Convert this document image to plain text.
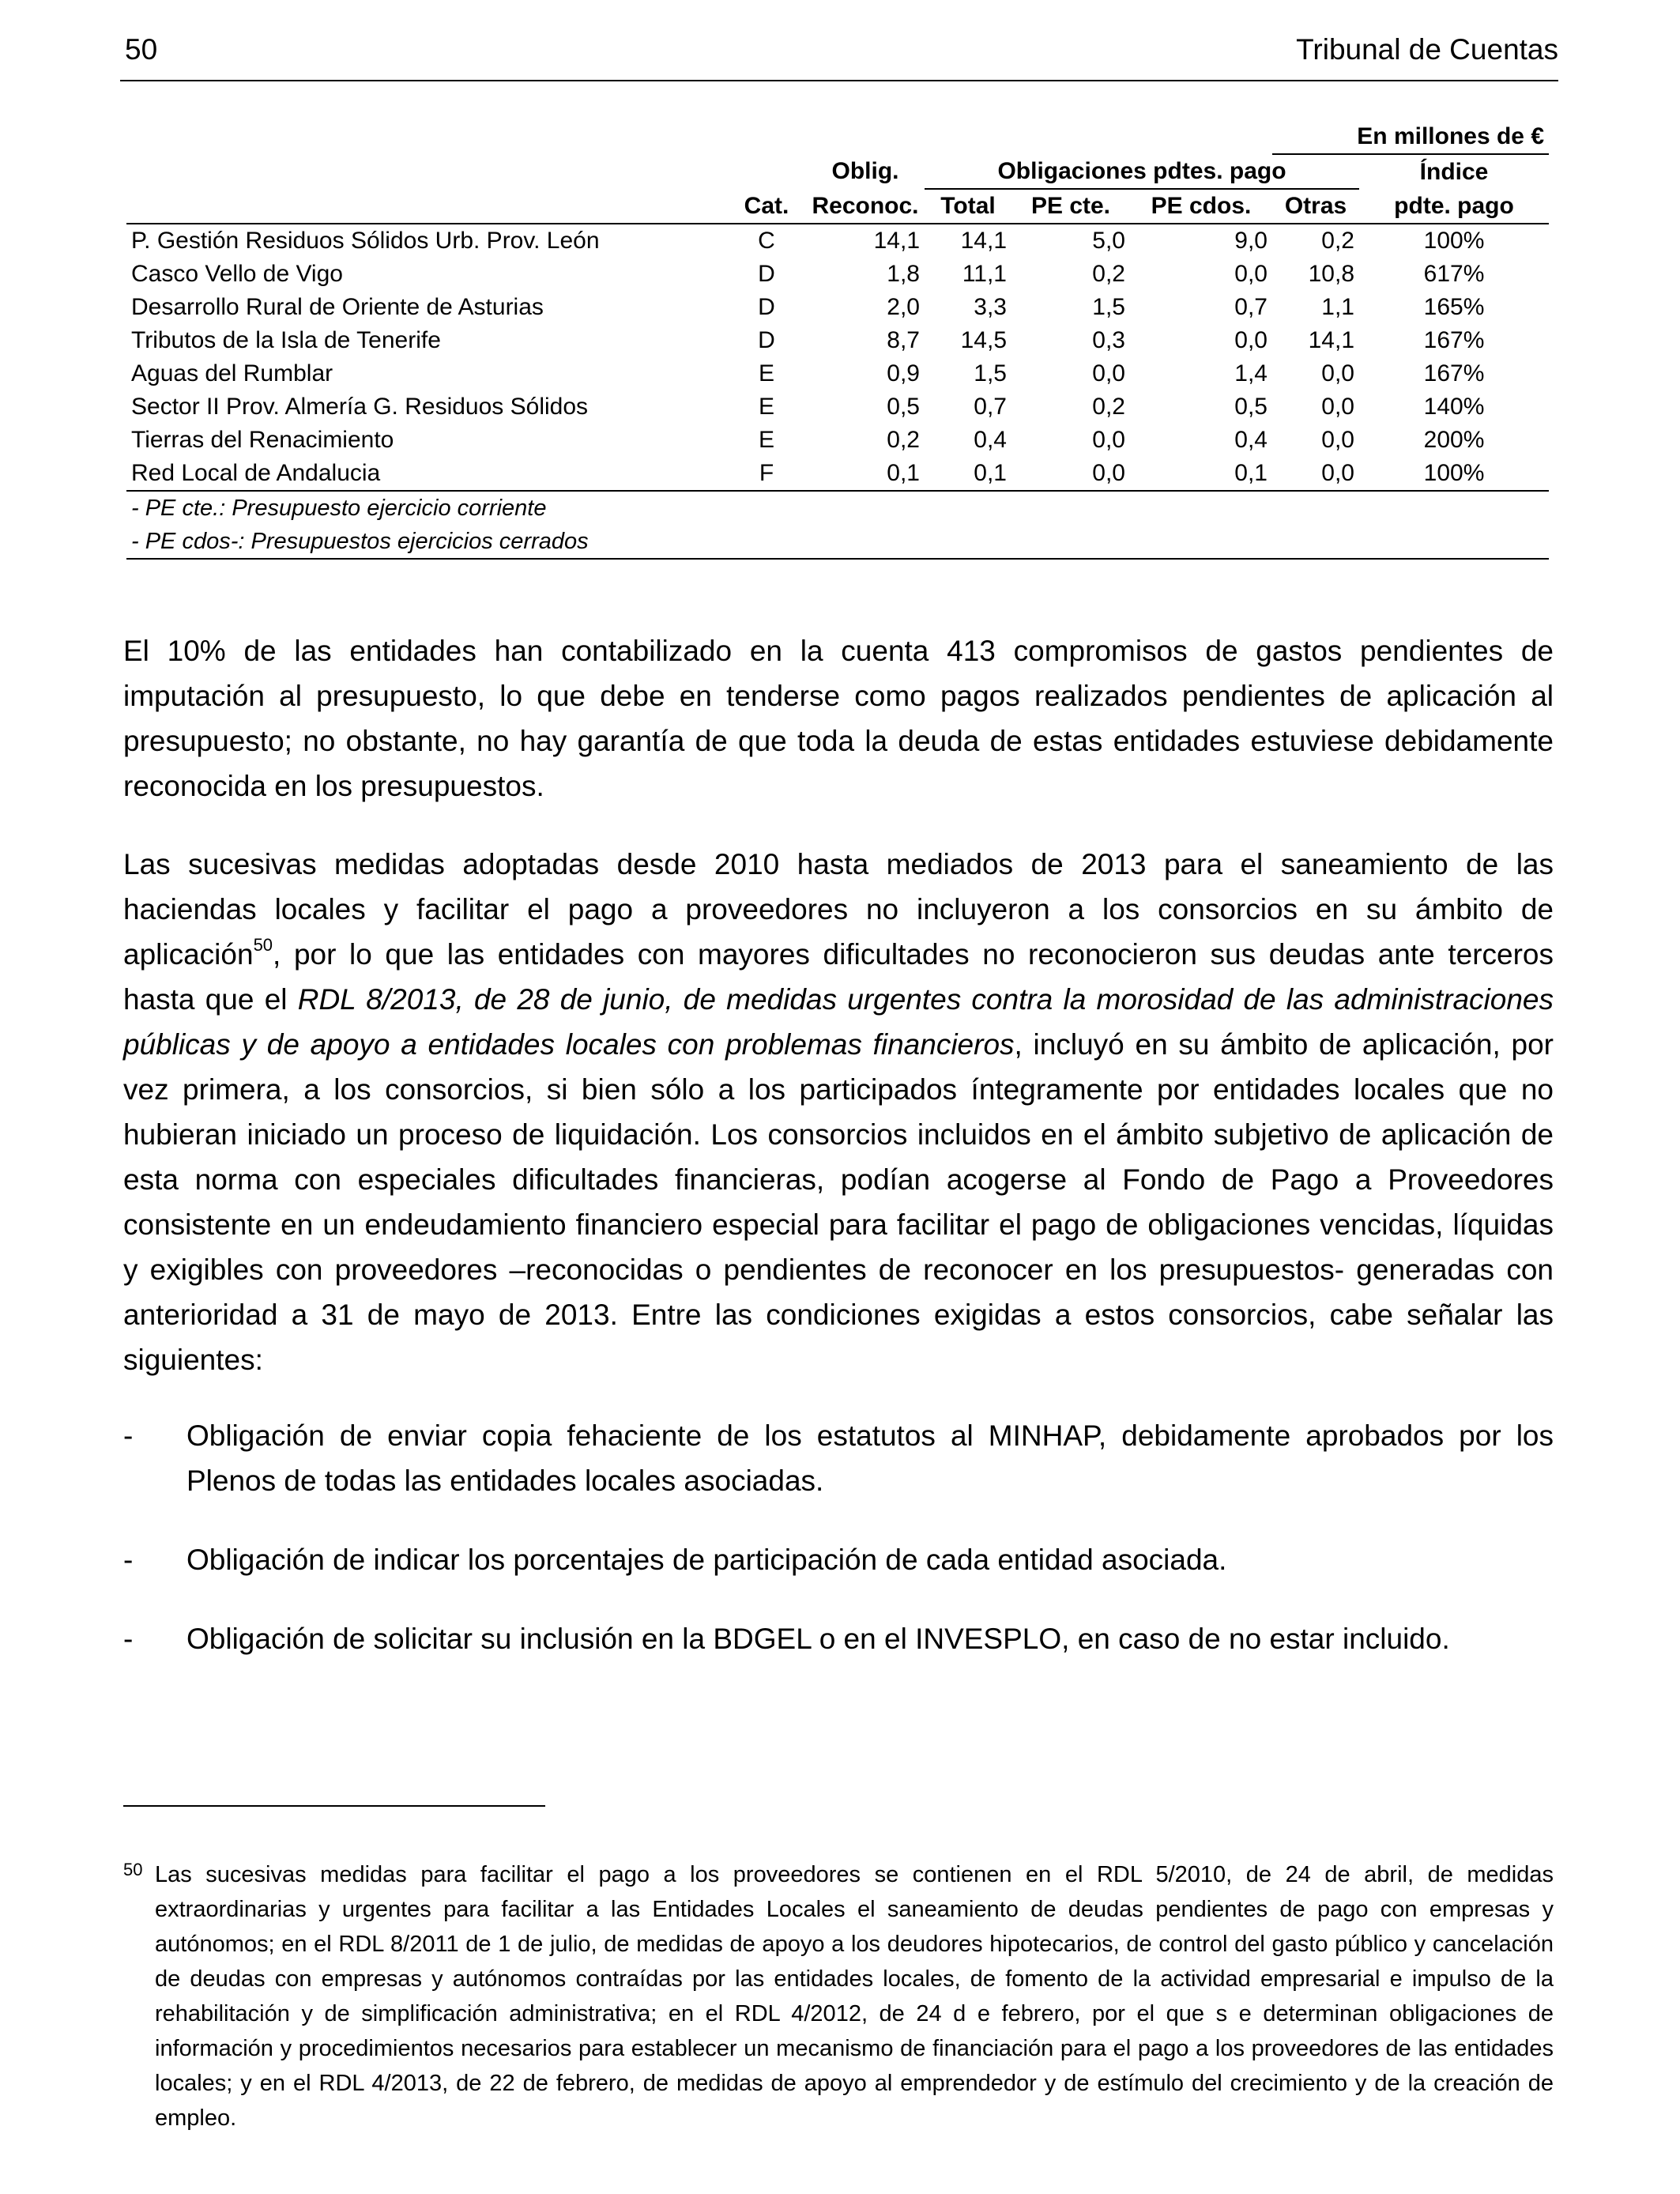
50	Tribunal de Cuentas
						En millones de €	
		Oblig.	Obligaciones pdtes. pago				Índice
	Cat.	Reconoc.	Total	PE cte.	PE cdos.	Otras	pdte. pago
P. Gestión Residuos Sólidos Urb. Prov. León	C	14,1	14,1	5,0	9,0	0,2	100%
Casco Vello de Vigo	D	1,8	11,1	0,2	0,0	10,8	617%
Desarrollo Rural de Oriente de Asturias	D	2,0	3,3	1,5	0,7	1,1	165%
Tributos de la Isla de Tenerife	D	8,7	14,5	0,3	0,0	14,1	167%
Aguas del Rumblar	E	0,9	1,5	0,0	1,4	0,0	167%
Sector II Prov. Almería G. Residuos Sólidos	E	0,5	0,7	0,2	0,5	0,0	140%
Tierras del Renacimiento	E	0,2	0,4	0,0	0,4	0,0	200%
Red Local de Andalucia	F	0,1	0,1	0,0	0,1	0,0	100%
- PE cte.: Presupuesto ejercicio corriente							
- PE cdos-: Presupuestos ejercicios cerrados							

El 10% de las entidades han contabilizado en la cuenta 413 compromisos de gastos pendientes de imputación al presupuesto, lo que debe en tenderse como pagos realizados pendientes de aplicación al presupuesto; no obstante, no hay garantía de que toda la deuda de estas entidades estuviese debidamente reconocida en los presupuestos.

Las sucesivas medidas adoptadas desde 2010 hasta mediados de 2013 para el saneamiento de las haciendas locales y facilitar el pago a proveedores no incluyeron a los consorcios en su ámbito de aplicación$^{50}$, por lo que las entidades con mayores dificultades no reconocieron sus deudas ante terceros hasta que el RDL 8/2013, de 28 de junio, de medidas urgentes contra la morosidad de las administraciones públicas y de apoyo a entidades locales con problemas financieros, incluyó en su ámbito de aplicación, por vez primera, a los consorcios, si bien sólo a los participados íntegramente por entidades locales que no hubieran iniciado un proceso de liquidación. Los consorcios incluidos en el ámbito subjetivo de aplicación de esta norma con especiales dificultades financieras, podían acogerse al Fondo de Pago a Proveedores consistente en un endeudamiento financiero especial para facilitar el pago de obligaciones vencidas, líquidas y exigibles con proveedores –reconocidas o pendientes de reconocer en los presupuestos- generadas con anterioridad a 31 de mayo de 2013. Entre las condiciones exigidas a estos consorcios, cabe señalar las siguientes:

- Obligación de enviar copia fehaciente de los estatutos al MINHAP, debidamente aprobados por los Plenos de todas las entidades locales asociadas.
- Obligación de indicar los porcentajes de participación de cada entidad asociada.
- Obligación de solicitar su inclusión en la BDGEL o en el INVESPLO, en caso de no estar incluido.
50 Las sucesivas medidas para facilitar el pago a los proveedores se contienen en el RDL 5/2010, de 24 de abril, de medidas extraordinarias y urgentes para facilitar a las Entidades Locales el saneamiento de deudas pendientes de pago con empresas y autónomos; en el RDL 8/2011 de 1 de julio, de medidas de apoyo a los deudores hipotecarios, de control del gasto público y cancelación de deudas con empresas y autónomos contraídas por las entidades locales, de fomento de la actividad empresarial e impulso de la rehabilitación y de simplificación administrativa; en el RDL 4/2012, de 24 d e febrero, por el que s e determinan obligaciones de información y procedimientos necesarios para establecer un mecanismo de financiación para el pago a los proveedores de las entidades locales; y en el RDL 4/2013, de 22 de febrero, de medidas de apoyo al emprendedor y de estímulo del crecimiento y de la creación de empleo.
